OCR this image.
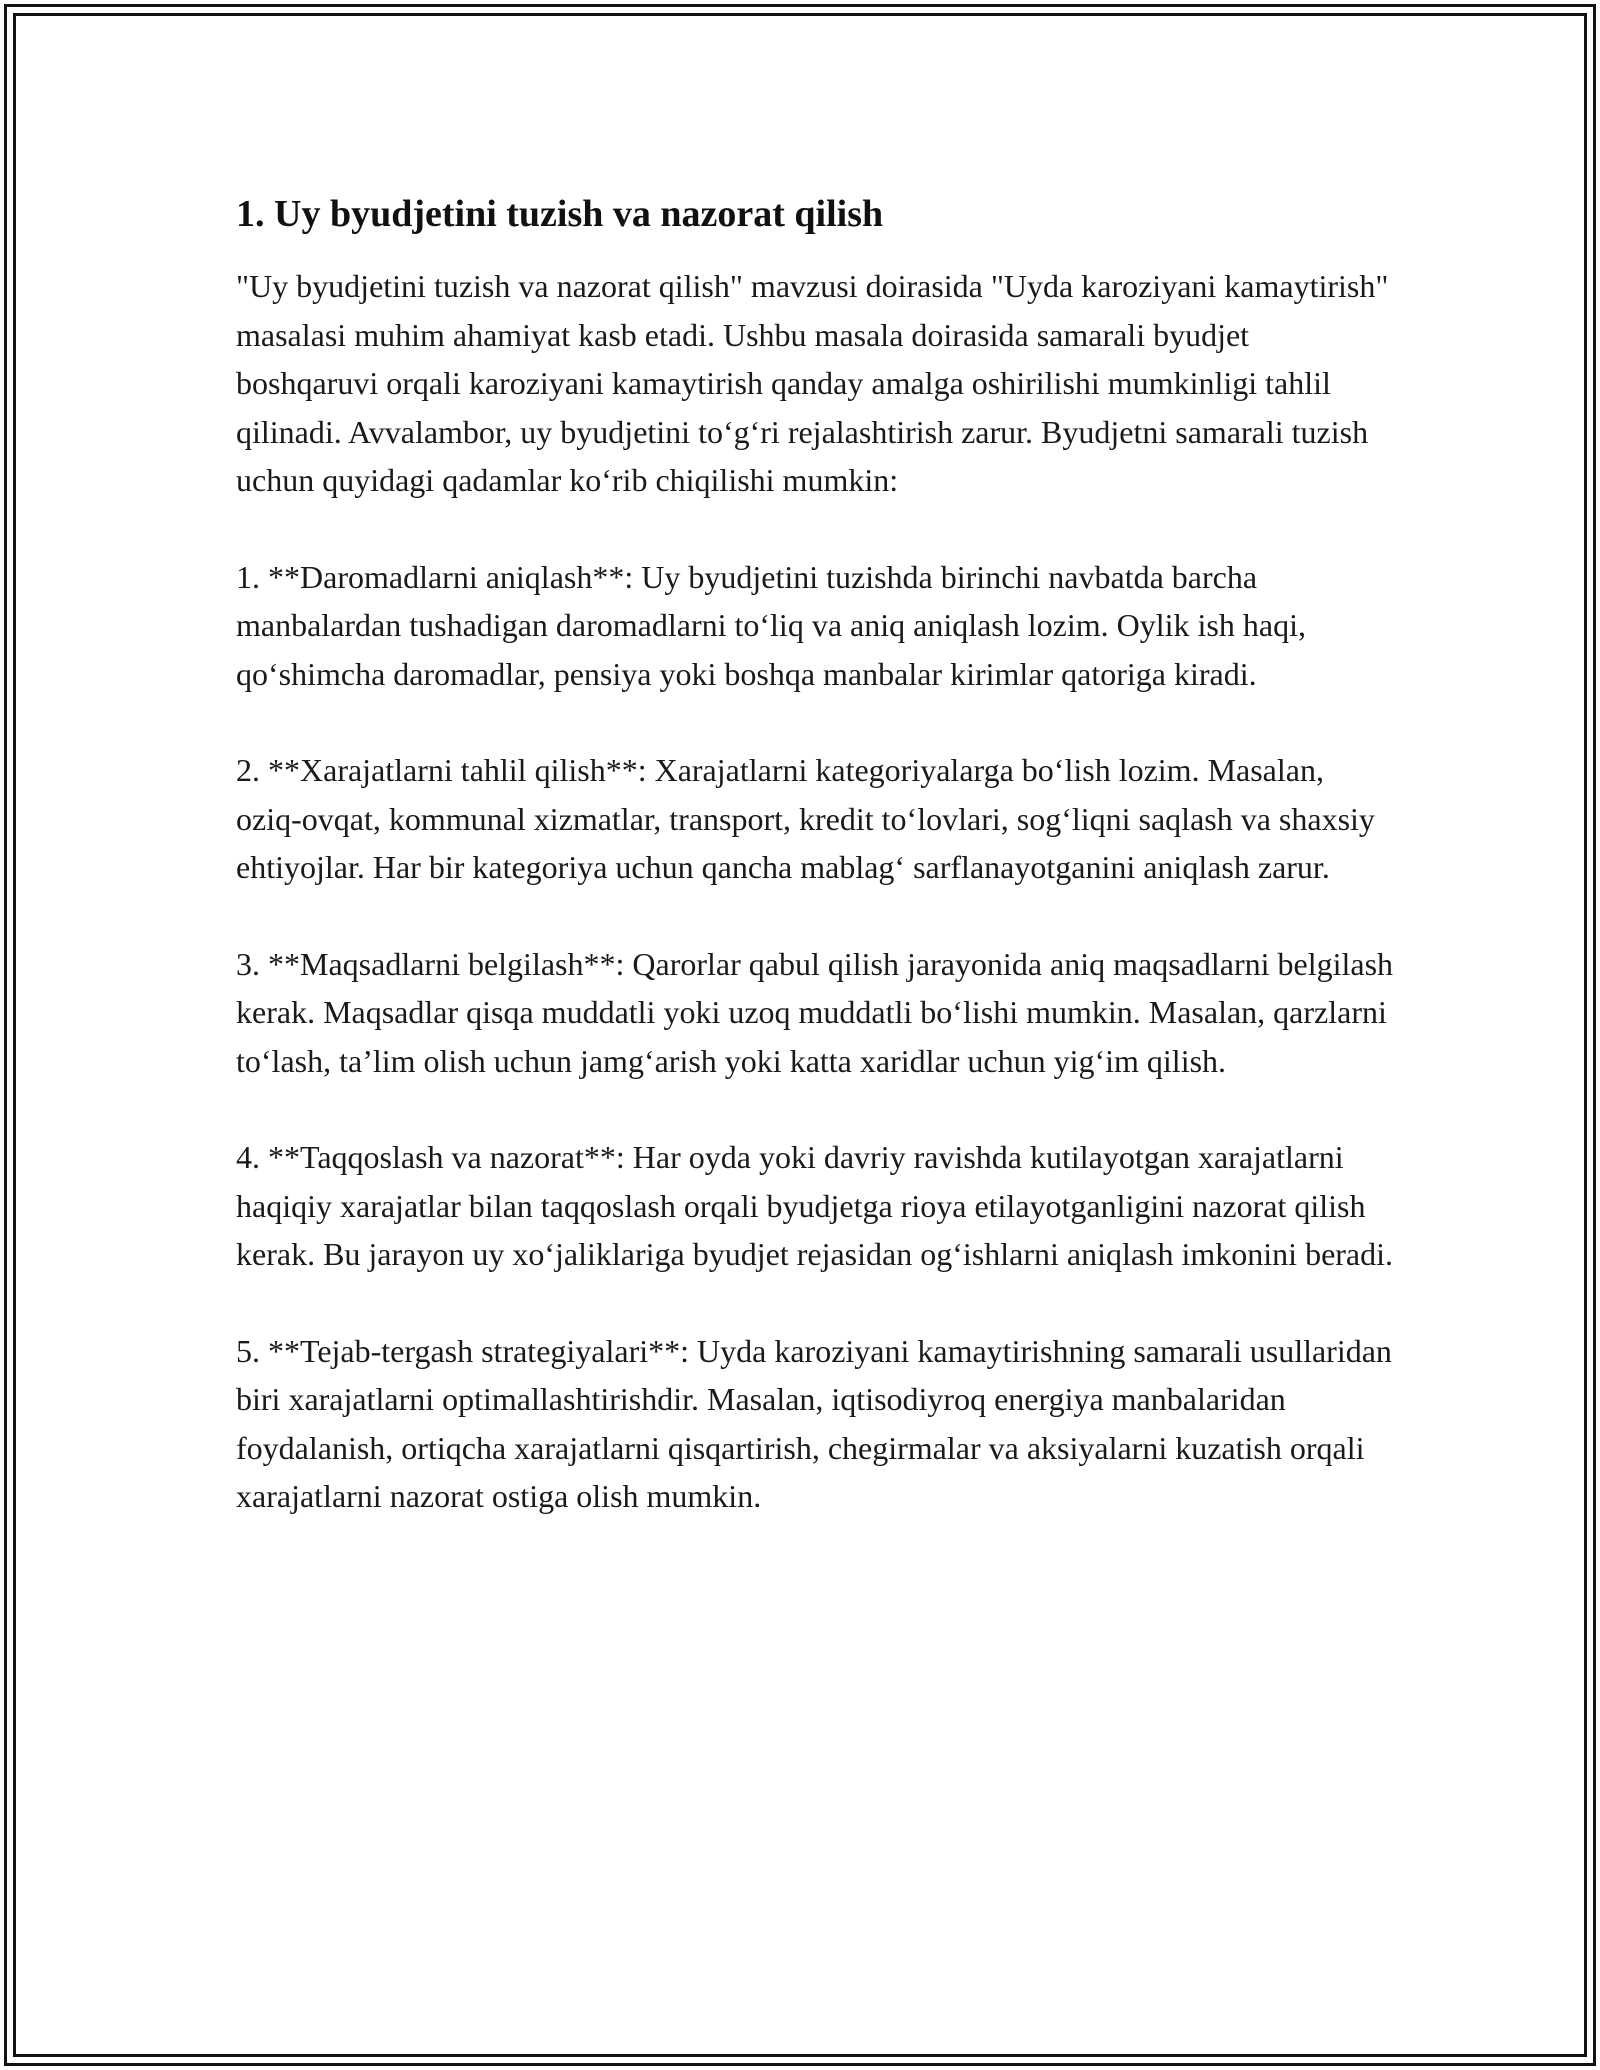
1. Uy byudjetini tuzish va nazorat qilish

"Uy byudjetini tuzish va nazorat qilish" mavzusi doirasida "Uyda karoziyani kamaytirish" masalasi muhim ahamiyat kasb etadi. Ushbu masala doirasida samarali byudjet boshqaruvi orqali karoziyani kamaytirish qanday amalga oshirilishi mumkinligi tahlil qilinadi. Avvalambor, uy byudjetini to‘g‘ri rejalashtirish zarur. Byudjetni samarali tuzish uchun quyidagi qadamlar ko‘rib chiqilishi mumkin:

1. **Daromadlarni aniqlash**: Uy byudjetini tuzishda birinchi navbatda barcha manbalardan tushadigan daromadlarni to‘liq va aniq aniqlash lozim. Oylik ish haqi, qo‘shimcha daromadlar, pensiya yoki boshqa manbalar kirimlar qatoriga kiradi.

2. **Xarajatlarni tahlil qilish**: Xarajatlarni kategoriyalarga bo‘lish lozim. Masalan, oziq-ovqat, kommunal xizmatlar, transport, kredit to‘lovlari, sog‘liqni saqlash va shaxsiy ehtiyojlar. Har bir kategoriya uchun qancha mablag‘ sarflanayotganini aniqlash zarur.

3. **Maqsadlarni belgilash**: Qarorlar qabul qilish jarayonida aniq maqsadlarni belgilash kerak. Maqsadlar qisqa muddatli yoki uzoq muddatli bo‘lishi mumkin. Masalan, qarzlarni to‘lash, ta’lim olish uchun jamg‘arish yoki katta xaridlar uchun yig‘im qilish.

4. **Taqqoslash va nazorat**: Har oyda yoki davriy ravishda kutilayotgan xarajatlarni haqiqiy xarajatlar bilan taqqoslash orqali byudjetga rioya etilayotganligini nazorat qilish kerak. Bu jarayon uy xo‘jaliklariga byudjet rejasidan og‘ishlarni aniqlash imkonini beradi.

5. **Tejab-tergash strategiyalari**: Uyda karoziyani kamaytirishning samarali usullaridan biri xarajatlarni optimallashtirishdir. Masalan, iqtisodiyroq energiya manbalaridan foydalanish, ortiqcha xarajatlarni qisqartirish, chegirmalar va aksiyalarni kuzatish orqali xarajatlarni nazorat ostiga olish mumkin.
